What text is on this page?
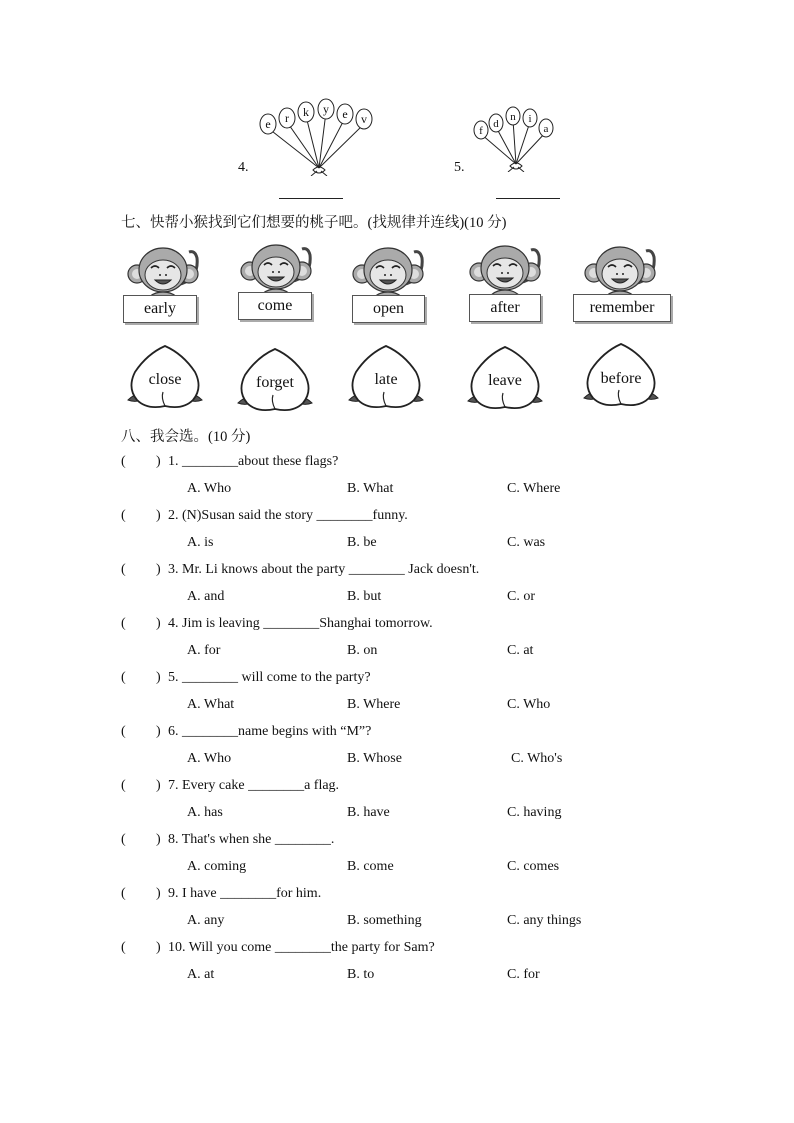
4.
e r k y e v
5.
f
d
n i
a
七、快帮小猴找到它们想要的桃子吧。(找规律并连线)(10 分)
early	come	open	after	remember
close	forget	late	leave	before
八、我会选。(10 分)
( ) 1. ________about these flags?
A. Who	B. What	C. Where
( ) 2. (N)Susan said the story ________funny.
A. is	B. be	C. was
( ) 3. Mr. Li knows about the party ________ Jack doesn't.
A. and	B. but	C. or
( ) 4. Jim is leaving ________Shanghai tomorrow.
A. for	B. on	C. at
( ) 5. ________ will come to the party?
A. What	B. Where	C. Who
( ) 6. ________name begins with “M”?
A. Who	B. Whose	C. Who's
( ) 7. Every cake ________a flag.
A. has	B. have	C. having
( ) 8. That's when she ________.
A. coming	B. come	C. comes
( ) 9. I have ________for him.
A. any	B. something	C. any things
( ) 10. Will you come ________the party for Sam?
A. at	B. to	C. for
